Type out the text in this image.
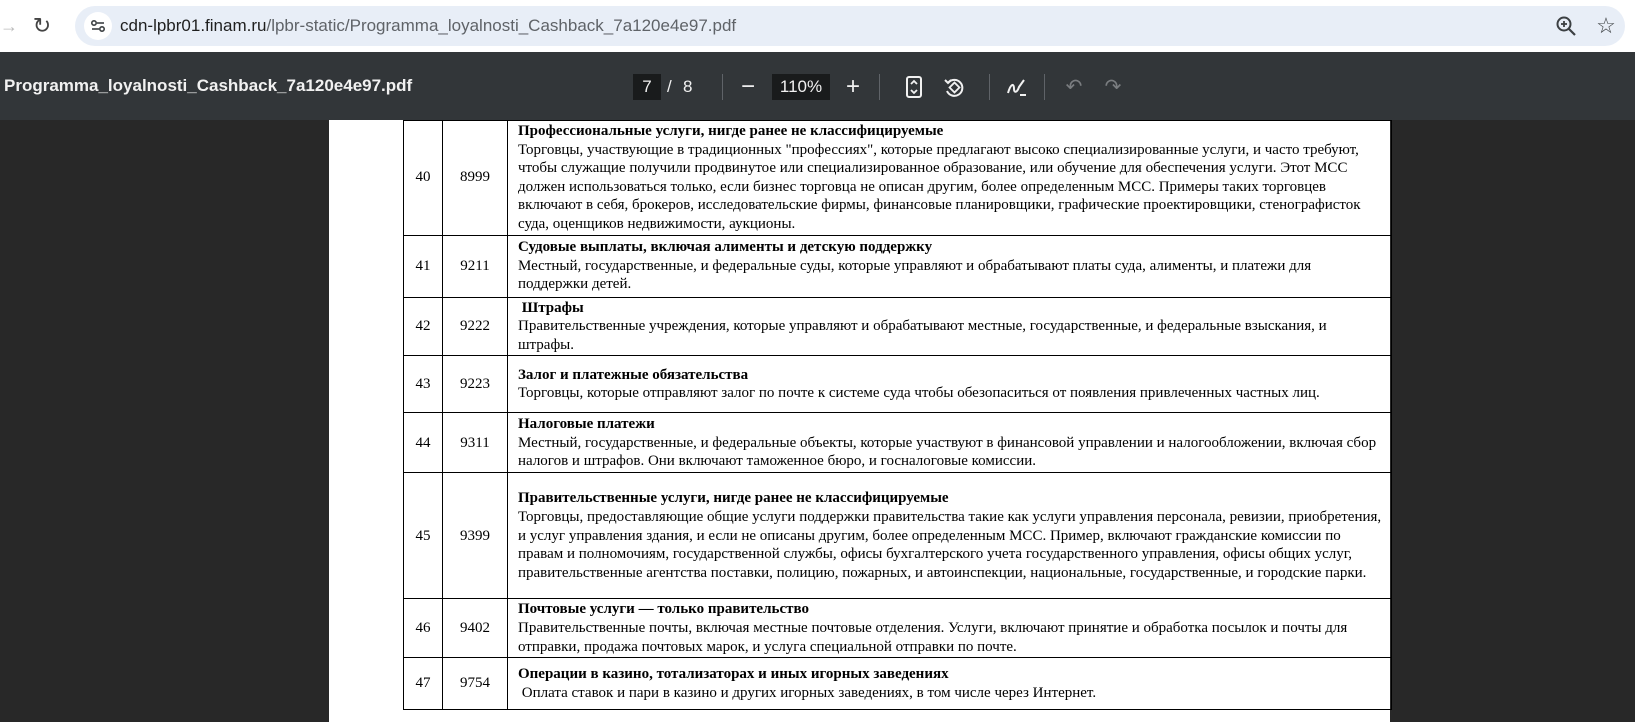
→ ↻	cdn-lpbr01.finam.ru/lpbr-static/Programma_loyalnosti_Cashback_7a120e4e97.pdf	☆
Programma_loyalnosti_Cashback_7a120e4e97.pdf	7 / 8	−	110% +	↶	↷
40	8999	Профессиональные услуги, нигде ранее не классифицируемые
Торговцы, участвующие в традиционных "профессиях", которые предлагают высоко специализированные услуги, и часто требуют, чтобы служащие получили продвинутое или специализированное образование, или обучение для обеспечения услуги. Этот МСС должен использоваться только, если бизнес торговца не описан другим, более определенным МСС. Примеры таких торговцев включают в себя, брокеров, исследовательские фирмы, финансовые планировщики, графические проектировщики, стенографисток суда, оценщиков недвижимости, аукционы.

41	9211	Судовые выплаты, включая алименты и детскую поддержку
Местный, государственные, и федеральные суды, которые управляют и обрабатывают платы суда, алименты, и платежи для поддержки детей.

42	9222	Штрафы
Правительственные учреждения, которые управляют и обрабатывают местные, государственные, и федеральные взыскания, и штрафы.

43	9223	Залог и платежные обязательства
Торговцы, которые отправляют залог по почте к системе суда чтобы обезопаситься от появления привлеченных частных лиц.

44	9311	Налоговые платежи
Местный, государственные, и федеральные объекты, которые участвуют в финансовой управлении и налогообложении, включая сбор налогов и штрафов. Они включают таможенное бюро, и госналоговые комиссии.

45	9399	Правительственные услуги, нигде ранее не классифицируемые
Торговцы, предоставляющие общие услуги поддержки правительства такие как услуги управления персонала, ревизии, приобретения, и услуг управления здания, и если не описаны другим, более определенным МСС. Пример, включают гражданские комиссии по правам и полномочиям, государственной службы, офисы бухгалтерского учета государственного управления, офисы общих услуг, правительственные агентства поставки, полицию, пожарных, и автоинспекции, национальные, государственные, и городские парки.

46	9402	Почтовые услуги — только правительство
Правительственные почты, включая местные почтовые отделения. Услуги, включают принятие и обработка посылок и почты для отправки, продажа почтовых марок, и услуга специальной отправки по почте.

47	9754	Операции в казино, тотализаторах и иных игорных заведениях
Оплата ставок и пари в казино и других игорных заведениях, в том числе через Интернет.
